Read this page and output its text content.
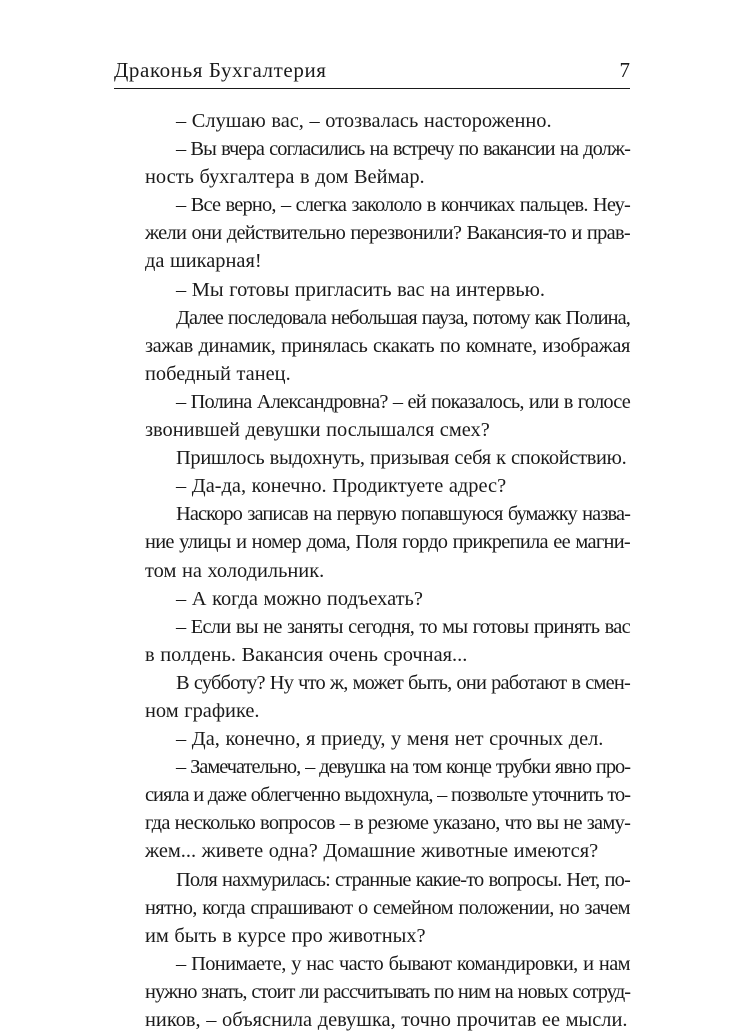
Драконья Бухгалтерия	7
– Слушаю вас, – отозвалась настороженно.
– Вы вчера согласились на встречу по вакансии на долж-
ность бухгалтера в дом Веймар.
– Все верно, – слегка закололо в кончиках пальцев. Неу-
жели они действительно перезвонили? Вакансия-то и прав-
да шикарная!
– Мы готовы пригласить вас на интервью.
Далее последовала небольшая пауза, потому как Полина,
зажав динамик, принялась скакать по комнате, изображая
победный танец.
– Полина Александровна? – ей показалось, или в голосе
звонившей девушки послышался смех?
Пришлось выдохнуть, призывая себя к спокойствию.
– Да-да, конечно. Продиктуете адрес?
Наскоро записав на первую попавшуюся бумажку назва-
ние улицы и номер дома, Поля гордо прикрепила ее магни-
том на холодильник.
– А когда можно подъехать?
– Если вы не заняты сегодня, то мы готовы принять вас
в полдень. Вакансия очень срочная...
В субботу? Ну что ж, может быть, они работают в смен-
ном графике.
– Да, конечно, я приеду, у меня нет срочных дел.
– Замечательно, – девушка на том конце трубки явно про-
сияла и даже облегченно выдохнула, – позвольте уточнить то-
гда несколько вопросов – в резюме указано, что вы не заму-
жем... живете одна? Домашние животные имеются?
Поля нахмурилась: странные какие-то вопросы. Нет, по-
нятно, когда спрашивают о семейном положении, но зачем
им быть в курсе про животных?
– Понимаете, у нас часто бывают командировки, и нам
нужно знать, стоит ли рассчитывать по ним на новых сотруд-
ников, – объяснила девушка, точно прочитав ее мысли.
